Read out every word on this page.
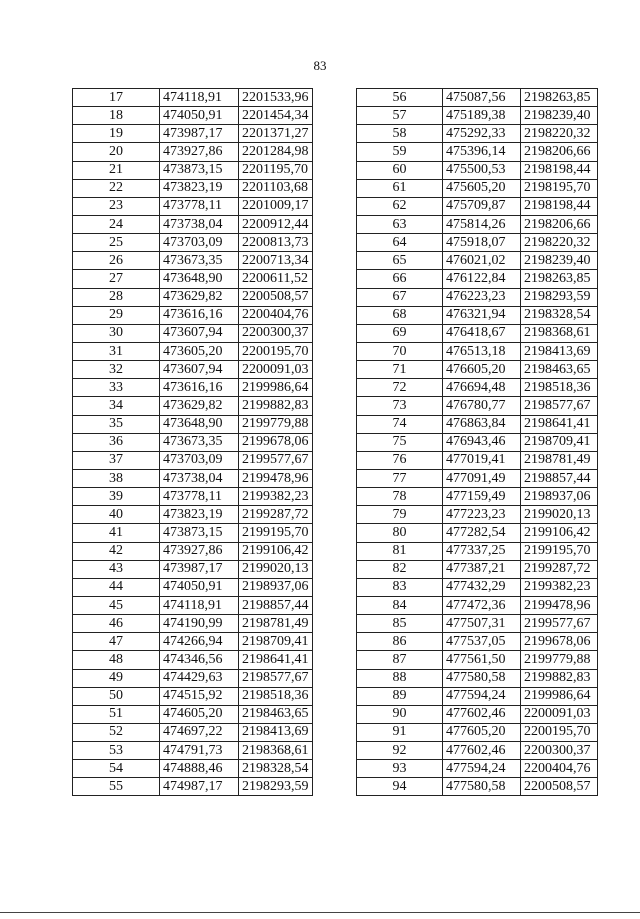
83
17	474118,91	2201533,96
18	474050,91	2201454,34
19	473987,17	2201371,27
20	473927,86	2201284,98
21	473873,15	2201195,70
22	473823,19	2201103,68
23	473778,11	2201009,17
24	473738,04	2200912,44
25	473703,09	2200813,73
26	473673,35	2200713,34
27	473648,90	2200611,52
28	473629,82	2200508,57
29	473616,16	2200404,76
30	473607,94	2200300,37
31	473605,20	2200195,70
32	473607,94	2200091,03
33	473616,16	2199986,64
34	473629,82	2199882,83
35	473648,90	2199779,88
36	473673,35	2199678,06
37	473703,09	2199577,67
38	473738,04	2199478,96
39	473778,11	2199382,23
40	473823,19	2199287,72
41	473873,15	2199195,70
42	473927,86	2199106,42
43	473987,17	2199020,13
44	474050,91	2198937,06
45	474118,91	2198857,44
46	474190,99	2198781,49
47	474266,94	2198709,41
48	474346,56	2198641,41
49	474429,63	2198577,67
50	474515,92	2198518,36
51	474605,20	2198463,65
52	474697,22	2198413,69
53	474791,73	2198368,61
54	474888,46	2198328,54
55	474987,17	2198293,59
56	475087,56	2198263,85
57	475189,38	2198239,40
58	475292,33	2198220,32
59	475396,14	2198206,66
60	475500,53	2198198,44
61	475605,20	2198195,70
62	475709,87	2198198,44
63	475814,26	2198206,66
64	475918,07	2198220,32
65	476021,02	2198239,40
66	476122,84	2198263,85
67	476223,23	2198293,59
68	476321,94	2198328,54
69	476418,67	2198368,61
70	476513,18	2198413,69
71	476605,20	2198463,65
72	476694,48	2198518,36
73	476780,77	2198577,67
74	476863,84	2198641,41
75	476943,46	2198709,41
76	477019,41	2198781,49
77	477091,49	2198857,44
78	477159,49	2198937,06
79	477223,23	2199020,13
80	477282,54	2199106,42
81	477337,25	2199195,70
82	477387,21	2199287,72
83	477432,29	2199382,23
84	477472,36	2199478,96
85	477507,31	2199577,67
86	477537,05	2199678,06
87	477561,50	2199779,88
88	477580,58	2199882,83
89	477594,24	2199986,64
90	477602,46	2200091,03
91	477605,20	2200195,70
92	477602,46	2200300,37
93	477594,24	2200404,76
94	477580,58	2200508,57
